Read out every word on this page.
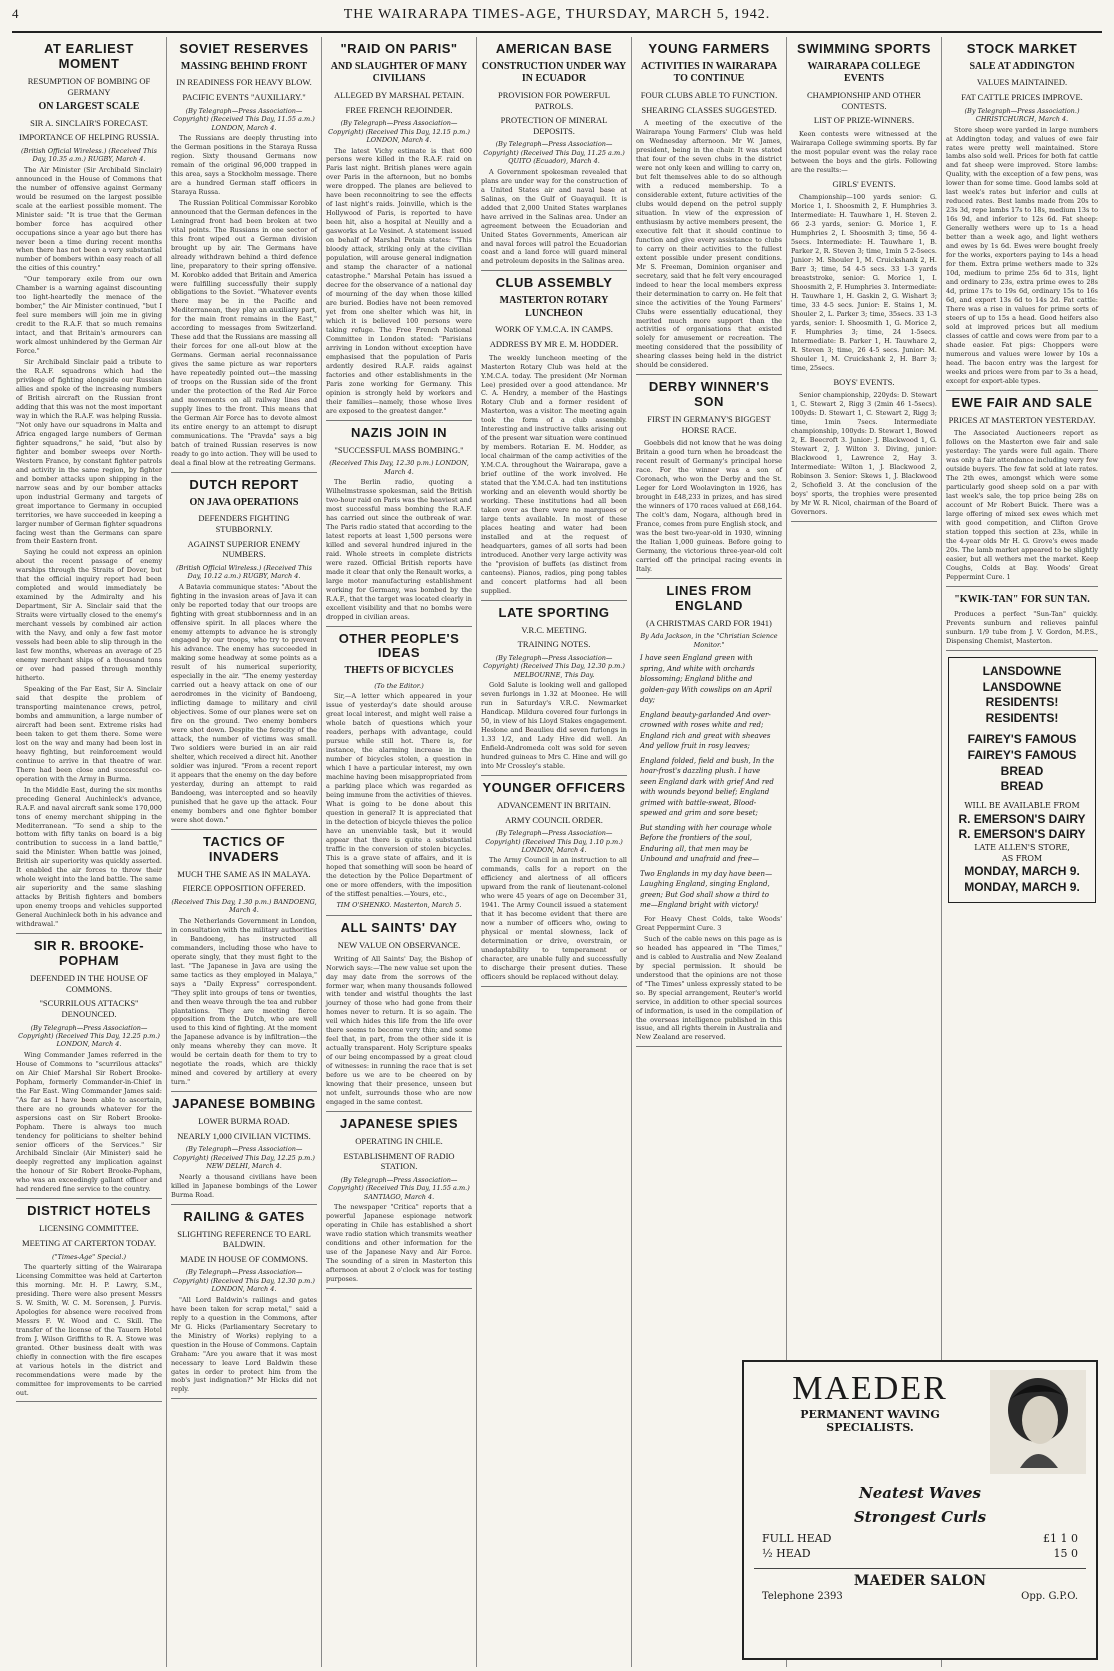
4	THE WAIRARAPA TIMES-AGE, THURSDAY, MARCH 5, 1942.
AT EARLIEST MOMENT
RESUMPTION OF BOMBING OF GERMANY
ON LARGEST SCALE
SIR A. SINCLAIR'S FORECAST.
IMPORTANCE OF HELPING RUSSIA.
(British Official Wireless.) (Received This Day, 10.35 a.m.) RUGBY, March 4.

The Air Minister (Sir Archibald Sinclair) announced in the House of Commons that the number of offensive against Germany would be resumed on the largest possible scale at the earliest possible moment. The Minister said: "It is true that the German bomber force has acquired other occupations since a year ago but there has never been a time during recent months when there has not been a very substantial number of bombers within easy reach of all the cities of this country."

"Our temporary exile from our own Chamber is a warning against discounting too light-heartedly the menace of the bomber," the Air Minister continued, "but I feel sure members will join me in giving credit to the R.A.F. that so much remains intact, and that Britain's armourers can work almost unhindered by the German Air Force."

Sir Archibald Sinclair paid a tribute to the R.A.F. squadrons which had the privilege of fighting alongside our Russian allies and spoke of the increasing numbers of British aircraft on the Russian front adding that this was not the most important way in which the R.A.F. was helping Russia. "Not only have our squadrons in Malta and Africa engaged large numbers of German fighter squadrons," he said, "but also by fighter and bomber sweeps over North-Western France, by constant fighter patrols and activity in the same region, by fighter and bomber attacks upon shipping in the narrow seas and by our bomber attacks upon industrial Germany and targets of great importance to Germany in occupied territories, we have succeeded in keeping a larger number of German fighter squadrons facing west than the Germans can spare from their Eastern front.

Saying he could not express an opinion about the recent passage of enemy warships through the Straits of Dover, but that the official inquiry report had been completed and would immediately be examined by the Admiralty and his Department, Sir A. Sinclair said that the Straits were virtually closed to the enemy's merchant vessels by combined air action with the Navy, and only a few fast motor vessels had been able to slip through in the last few months, whereas an average of 25 enemy merchant ships of a thousand tons or over had passed through monthly hitherto.

Speaking of the Far East, Sir A. Sinclair said that despite the problem of transporting maintenance crews, petrol, bombs and ammunition, a large number of aircraft had been sent. Extreme risks had been taken to get them there. Some were lost on the way and many had been lost in heavy fighting, but reinforcement would continue to arrive in that theatre of war. There had been close and successful co-operation with the Army in Burma.

In the Middle East, during the six months preceding General Auchinleck's advance, R.A.F. and naval aircraft sank some 170,000 tons of enemy merchant shipping in the Mediterranean. "To send a ship to the bottom with fifty tanks on board is a big contribution to success in a land battle," said the Minister. When battle was joined, British air superiority was quickly asserted. It enabled the air forces to throw their whole weight into the land battle. The same air superiority and the same slashing attacks by British fighters and bombers upon enemy troops and vehicles supported General Auchinleck both in his advance and withdrawal."

SIR R. BROOKE-POPHAM
DEFENDED IN THE HOUSE OF COMMONS.
"SCURRILOUS ATTACKS" DENOUNCED.
(By Telegraph—Press Association—Copyright) (Received This Day, 12.25 p.m.) LONDON, March 4.

Wing Commander James referred in the House of Commons to "scurrilous attacks" on Air Chief Marshal Sir Robert Brooke-Popham, formerly Commander-in-Chief in the Far East. Wing Commander James said: "As far as I have been able to ascertain, there are no grounds whatever for the aspersions cast on Sir Robert Brooke-Popham. There is always too much tendency for politicians to shelter behind senior officers of the Services." Sir Archibald Sinclair (Air Minister) said he deeply regretted any implication against the honour of Sir Robert Brooke-Popham, who was an exceedingly gallant officer and had rendered fine service to the country.

DISTRICT HOTELS
LICENSING COMMITTEE.
MEETING AT CARTERTON TODAY.
("Times-Age" Special.)

The quarterly sitting of the Wairarapa Licensing Committee was held at Carterton this morning. Mr. H. P. Lawry, S.M., presiding. There were also present Messrs S. W. Smith, W. C. M. Sorensen, J. Purvis. Apologies for absence were received from Messrs F. W. Wood and C. Skill. The transfer of the license of the Tauern Hotel from J. Wilson Griffiths to R. A. Stowe was granted. Other business dealt with was chiefly in connection with the fire escapes at various hotels in the district and recommendations were made by the committee for improvements to be carried out.

SOVIET RESERVES
MASSING BEHIND FRONT
IN READINESS FOR HEAVY BLOW.
PACIFIC EVENTS "AUXILIARY."
(By Telegraph—Press Association—Copyright) (Received This Day, 11.55 a.m.) LONDON, March 4.

The Russians are deeply thrusting into the German positions in the Staraya Russa region. Sixty thousand Germans now remain of the original 96,000 trapped in this area, says a Stockholm message. There are a hundred German staff officers in Staraya Russa.

The Russian Political Commissar Korobko announced that the German defences in the Leningrad front had been broken at two vital points. The Russians in one sector of this front wiped out a German division brought up by air. The Germans have already withdrawn behind a third defence line, preparatory to their spring offensive. M. Korobko added that Britain and America were fulfilling successfully their supply obligations to the Soviet. "Whatever events there may be in the Pacific and Mediterranean, they play an auxiliary part, for the main front remains in the East," according to messages from Switzerland. These add that the Russians are massing all their forces for one all-out blow at the Germans. German aerial reconnaissance gives the same picture as war reporters have repeatedly pointed out—the massing of troops on the Russian side of the front under the protection of the Red Air Force and movements on all railway lines and supply lines to the front. This means that the German Air Force has to devote almost its entire energy to an attempt to disrupt communications. The "Pravda" says a big batch of trained Russian reserves is now ready to go into action. They will be used to deal a final blow at the retreating Germans.

DUTCH REPORT
ON JAVA OPERATIONS
DEFENDERS FIGHTING STUBBORNLY.
AGAINST SUPERIOR ENEMY NUMBERS.
(British Official Wireless.) (Received This Day, 10.12 a.m.) RUGBY, March 4.

A Batavia communique states: "About the fighting in the invasion areas of Java it can only be reported today that our troops are fighting with great stubbornness and in an offensive spirit. In all places where the enemy attempts to advance he is strongly engaged by our troops, who try to prevent his advance. The enemy has succeeded in making some headway at some points as a result of his numerical superiority, especially in the air. "The enemy yesterday carried out a heavy attack on one of our aerodromes in the vicinity of Bandoeng, inflicting damage to military and civil objectives. Some of our planes were set on fire on the ground. Two enemy bombers were shot down. Despite the ferocity of the attack, the number of victims was small. Two soldiers were buried in an air raid shelter, which received a direct hit. Another soldier was injured. "From a recent report it appears that the enemy on the day before yesterday, during an attempt to raid Bandoeng, was intercepted and so heavily punished that he gave up the attack. Four enemy bombers and one fighter bomber were shot down."

TACTICS OF INVADERS
MUCH THE SAME AS IN MALAYA.
FIERCE OPPOSITION OFFERED.
(Received This Day, 1.30 p.m.) BANDOENG, March 4.

The Netherlands Government in London, in consultation with the military authorities in Bandoeng, has instructed all commanders, including those who have to operate singly, that they must fight to the last. "The Japanese in Java are using the same tactics as they employed in Malaya," says a "Daily Express" correspondent. "They split into groups of tens or twenties, and then weave through the tea and rubber plantations. They are meeting fierce opposition from the Dutch, who are well used to this kind of fighting. At the moment the Japanese advance is by infiltration—the only means whereby they can move. It would be certain death for them to try to negotiate the roads, which are thickly mined and covered by artillery at every turn."

JAPANESE BOMBING
LOWER BURMA ROAD.
NEARLY 1,000 CIVILIAN VICTIMS.
(By Telegraph—Press Association—Copyright) (Received This Day, 12.25 p.m.) NEW DELHI, March 4.

Nearly a thousand civilians have been killed in Japanese bombings of the Lower Burma Road.

RAILING & GATES
SLIGHTING REFERENCE TO EARL BALDWIN.
MADE IN HOUSE OF COMMONS.
(By Telegraph—Press Association—Copyright) (Received This Day, 12.30 p.m.) LONDON, March 4.

"All Lord Baldwin's railings and gates have been taken for scrap metal," said a reply to a question in the Commons, after Mr G. Hicks (Parliamentary Secretary to the Ministry of Works) replying to a question in the House of Commons. Captain Graham: "Are you aware that it was most necessary to leave Lord Baldwin these gates in order to protect him from the mob's just indignation?" Mr Hicks did not reply.

"RAID ON PARIS"
AND SLAUGHTER OF MANY CIVILIANS
ALLEGED BY MARSHAL PETAIN.
FREE FRENCH REJOINDER.
(By Telegraph—Press Association—Copyright) (Received This Day, 12.15 p.m.) LONDON, March 4.

The latest Vichy estimate is that 600 persons were killed in the R.A.F. raid on Paris last night. British planes were again over Paris in the afternoon, but no bombs were dropped. The planes are believed to have been reconnoitring to see the effects of last night's raids. Joinville, which is the Hollywood of Paris, is reported to have been hit, also a hospital at Neuilly and a gasworks at Le Vesinet. A statement issued on behalf of Marshal Petain states: "This bloody attack, striking only at the civilian population, will arouse general indignation and stamp the character of a national catastrophe." Marshal Petain has issued a decree for the observance of a national day of mourning of the day when those killed are buried. Bodies have not been removed yet from one shelter which was hit, in which it is believed 100 persons were taking refuge. The Free French National Committee in London stated: "Parisians arriving in London without exception have emphasised that the population of Paris ardently desired R.A.F. raids against factories and other establishments in the Paris zone working for Germany. This opinion is strongly held by workers and their families—namely, those whose lives are exposed to the greatest danger."

NAZIS JOIN IN
"SUCCESSFUL MASS BOMBING."
(Received This Day, 12.30 p.m.) LONDON, March 4.

The Berlin radio, quoting a Wilhelmstrasse spokesman, said the British two-hour raid on Paris was the heaviest and most successful mass bombing the R.A.F. has carried out since the outbreak of war. The Paris radio stated that according to the latest reports at least 1,500 persons were killed and several hundred injured in the raid. Whole streets in complete districts were razed. Official British reports have made it clear that only the Renault works, a large motor manufacturing establishment working for Germany, was bombed by the R.A.F., that the target was located clearly in excellent visibility and that no bombs were dropped in civilian areas.

OTHER PEOPLE'S IDEAS
THEFTS OF BICYCLES
(To the Editor.)

Sir,—A letter which appeared in your issue of yesterday's date should arouse great local interest, and might well raise a whole batch of questions which your readers, perhaps with advantage, could pursue while still hot. There is, for instance, the alarming increase in the number of bicycles stolen, a question in which I have a particular interest, my own machine having been misappropriated from a parking place which was regarded as being immune from the activities of thieves. What is going to be done about this question in general? It is appreciated that in the detection of bicycle thieves the police have an unenviable task, but it would appear that there is quite a substantial traffic in the conversion of stolen bicycles. This is a grave state of affairs, and it is hoped that something will soon be heard of the detection by the Police Department of one or more offenders, with the imposition of the stiffest penalties.—Yours, etc.,

TIM O'SHENKO. Masterton, March 5.
ALL SAINTS' DAY
NEW VALUE ON OBSERVANCE.

Writing of All Saints' Day, the Bishop of Norwich says:—The new value set upon the day may date from the sorrows of the former war, when many thousands followed with tender and wistful thoughts the last journey of those who had gone from their homes never to return. It is so again. The veil which hides this life from the life over there seems to become very thin; and some feel that, in part, from the other side it is actually transparent. Holy Scripture speaks of our being encompassed by a great cloud of witnesses: in running the race that is set before us we are to be cheered on by knowing that their presence, unseen but not unfelt, surrounds those who are now engaged in the same contest.

JAPANESE SPIES
OPERATING IN CHILE.
ESTABLISHMENT OF RADIO STATION.
(By Telegraph—Press Association—Copyright) (Received This Day, 11.55 a.m.) SANTIAGO, March 4.

The newspaper "Critica" reports that a powerful Japanese espionage network operating in Chile has established a short wave radio station which transmits weather conditions and other information for the use of the Japanese Navy and Air Force. The sounding of a siren in Masterton this afternoon at about 2 o'clock was for testing purposes.

AMERICAN BASE
CONSTRUCTION UNDER WAY IN ECUADOR
PROVISION FOR POWERFUL PATROLS.
PROTECTION OF MINERAL DEPOSITS.
(By Telegraph—Press Association—Copyright) (Received This Day, 11.25 a.m.) QUITO (Ecuador), March 4.

A Government spokesman revealed that plans are under way for the construction of a United States air and naval base at Salinas, on the Gulf of Guayaquil. It is added that 2,000 United States warplanes have arrived in the Salinas area. Under an agreement between the Ecuadorian and United States Governments, American air and naval forces will patrol the Ecuadorian coast and a land force will guard mineral and petroleum deposits in the Salinas area.

CLUB ASSEMBLY
MASTERTON ROTARY LUNCHEON
WORK OF Y.M.C.A. IN CAMPS.
ADDRESS BY MR E. M. HODDER.

The weekly luncheon meeting of the Masterton Rotary Club was held at the Y.M.C.A. today. The president (Mr Norman Lee) presided over a good attendance. Mr C. A. Hendry, a member of the Hastings Rotary Club and a former resident of Masterton, was a visitor. The meeting again took the form of a club assembly. Interesting and instructive talks arising out of the present war situation were continued by members. Rotarian E. M. Hodder, as local chairman of the camp activities of the Y.M.C.A. throughout the Wairarapa, gave a brief outline of the work involved. He stated that the Y.M.C.A. had ten institutions working and an eleventh would shortly be working. These institutions had all been taken over as there were no marquees or large tents available. In most of these places heating and water had been installed and at the request of headquarters, games of all sorts had been introduced. Another very large activity was the "provision of buffets (as distinct from canteens). Pianos, radios, ping pong tables and concert platforms had all been supplied.

LATE SPORTING
V.R.C. MEETING.
TRAINING NOTES.
(By Telegraph—Press Association—Copyright) (Received This Day, 12.30 p.m.) MELBOURNE, This Day.

Gold Salute is looking well and galloped seven furlongs in 1.32 at Moonee. He will run in Saturday's V.R.C. Newmarket Handicap. Mildura covered four furlongs in 50, in view of his Lloyd Stakes engagement. Heslone and Beaulieu did seven furlongs in 1.33 1/2, and Lady Hive did well. An Enfield-Andromeda colt was sold for seven hundred guineas to Mrs C. Hine and will go into Mr Crossley's stable.

YOUNGER OFFICERS
ADVANCEMENT IN BRITAIN.
ARMY COUNCIL ORDER.
(By Telegraph—Press Association—Copyright) (Received This Day, 1.10 p.m.) LONDON, March 4.

The Army Council in an instruction to all commands, calls for a report on the efficiency and alertness of all officers upward from the rank of lieutenant-colonel who were 45 years of age on December 31, 1941. The Army Council issued a statement that it has become evident that there are now a number of officers who, owing to physical or mental slowness, lack of determination or drive, overstrain, or unadaptability to temperament or character, are unable fully and successfully to discharge their present duties. These officers should be replaced without delay.

YOUNG FARMERS
ACTIVITIES IN WAIRARAPA TO CONTINUE
FOUR CLUBS ABLE TO FUNCTION.
SHEARING CLASSES SUGGESTED.

A meeting of the executive of the Wairarapa Young Farmers' Club was held on Wednesday afternoon. Mr W. James, president, being in the chair. It was stated that four of the seven clubs in the district were not only keen and willing to carry on, but felt themselves able to do so although with a reduced membership. To a considerable extent, future activities of the clubs would depend on the petrol supply situation. In view of the expression of enthusiasm by active members present, the executive felt that it should continue to function and give every assistance to clubs to carry on their activities to the fullest extent possible under present conditions. Mr S. Freeman, Dominion organiser and secretary, said that he felt very encouraged indeed to hear the local members express their determination to carry on. He felt that since the activities of the Young Farmers' Clubs were essentially educational, they merited much more support than the activities of organisations that existed solely for amusement or recreation. The meeting considered that the possibility of shearing classes being held in the district should be considered.

DERBY WINNER'S SON
FIRST IN GERMANY'S BIGGEST HORSE RACE.

Goebbels did not know that he was doing Britain a good turn when he broadcast the recent result of Germany's principal horse race. For the winner was a son of Coronach, who won the Derby and the St. Leger for Lord Woolavington in 1926, has brought in £48,233 in prizes, and has sired the winners of 170 races valued at £68,164. The colt's dam, Nogara, although bred in France, comes from pure English stock, and was the best two-year-old in 1930, winning the Italian 1,000 guineas. Before going to Germany, the victorious three-year-old colt carried off the principal racing events in Italy.

LINES FROM ENGLAND
(A CHRISTMAS CARD FOR 1941)
By Ada Jackson, in the "Christian Science Monitor."

I have seen England green with spring, And white with orchards blossoming; England blithe and golden-gay With cowslips on an April day;

England beauty-garlanded And over-crowned with roses white and red; England rich and great with sheaves And yellow fruit in rosy leaves;

England folded, field and bush, In the hoar-frost's dazzling plush. I have seen England dark with grief And red with wounds beyond belief; England grimed with battle-sweat, Blood-spewed and grim and sore beset;

But standing with her courage whole Before the frontiers of the soul, Enduring all, that men may be Unbound and unafraid and free—

Two Englands in my day have been—Laughing England, singing England, green; But God shall show a third to me—England bright with victory!

For Heavy Chest Colds, take Woods' Great Peppermint Cure. 3

Such of the cable news on this page as is so headed has appeared in "The Times," and is cabled to Australia and New Zealand by special permission. It should be understood that the opinions are not those of "The Times" unless expressly stated to be so. By special arrangement, Reuter's world service, in addition to other special sources of information, is used in the compilation of the overseas intelligence published in this issue, and all rights therein in Australia and New Zealand are reserved.

SWIMMING SPORTS
WAIRARAPA COLLEGE EVENTS
CHAMPIONSHIP AND OTHER CONTESTS.
LIST OF PRIZE-WINNERS.

Keen contests were witnessed at the Wairarapa College swimming sports. By far the most popular event was the relay race between the boys and the girls. Following are the results:—

GIRLS' EVENTS.

Championship—100 yards senior: G. Morice 1, I. Shoosmith 2, F. Humphries 3. Intermediate: H. Tauwhare 1, H. Steven 2. 66 2-3 yards, senior: G. Morice 1, F. Humphries 2, I. Shoosmith 3; time, 56 4-5secs. Intermediate: H. Tauwhare 1, B. Parker 2, R. Steven 3; time, 1min 5 2-5secs. Junior: M. Shouler 1, M. Cruickshank 2, H. Barr 3; time, 54 4-5 secs. 33 1-3 yards breaststroke, senior: G. Morice 1, I. Shoosmith 2, F. Humphries 3. Intermediate: H. Tauwhare 1, H. Gaskin 2, G. Wishart 3; time, 33 4-5 secs. Junior: E. Stains 1, M. Shouler 2, L. Parker 3; time, 35secs. 33 1-3 yards, senior: I. Shoosmith 1, G. Morice 2, F. Humphries 3; time, 24 1-5secs. Intermediate: B. Parker 1, H. Tauwhare 2, R. Steven 3; time, 26 4-5 secs. Junior: M. Shouler 1, M. Cruickshank 2, H. Barr 3; time, 25secs.

BOYS' EVENTS.

Senior championship, 220yds: D. Stewart 1, C. Stewart 2, Rigg 3 (2min 46 1-5secs). 100yds: D. Stewart 1, C. Stewart 2, Rigg 3; time, 1min 7secs. Intermediate championship, 100yds: D. Stewart 1, Bowed 2, E. Beecroft 3. Junior: J. Blackwood 1, G. Stewart 2, J. Wilton 3. Diving, junior: Blackwood 1, Lawrence 2, Hay 3. Intermediate: Wilton 1, J. Blackwood 2, Robinson 3. Senior: Skews 1, J. Blackwood 2, Schofield 3. At the conclusion of the boys' sports, the trophies were presented by Mr W. R. Nicol, chairman of the Board of Governors.

STOCK MARKET
SALE AT ADDINGTON
VALUES MAINTAINED.
FAT CATTLE PRICES IMPROVE.
(By Telegraph—Press Association.) CHRISTCHURCH, March 4.

Store sheep were yarded in large numbers at Addington today, and values of ewe fair rates were pretty well maintained. Store lambs also sold well. Prices for both fat cattle and fat sheep were improved. Store lambs: Quality, with the exception of a few pens, was lower than for some time. Good lambs sold at last week's rates but inferior and culls at reduced rates. Best lambs made from 20s to 23s 3d, repe lambs 17s to 18s, medium 13s to 16s 9d, and inferior to 12s 6d. Fat sheep: Generally wethers were up to 1s a head better than a week ago, and light wethers and ewes by 1s 6d. Ewes were bought freely for the works, exporters paying to 14s a head for them. Extra prime wethers made to 32s 10d, medium to prime 25s 6d to 31s, light and ordinary to 23s, extra prime ewes to 28s 4d, prime 17s to 19s 6d, ordinary 15s to 16s 6d, and export 13s 6d to 14s 2d. Fat cattle: There was a rise in values for prime sorts of steers of up to 15s a head. Good heifers also sold at improved prices but all medium classes of cattle and cows were from par to a shade easier. Fat pigs: Choppers were numerous and values were lower by 10s a head. The bacon entry was the largest for weeks and prices were from par to 3s a head, except for export-able types.

EWE FAIR AND SALE
PRICES AT MASTERTON YESTERDAY.

The Associated Auctioneers report as follows on the Masterton ewe fair and sale yesterday: The yards were full again. There was only a fair attendance including very few outside buyers. The few fat sold at late rates. The 2th ewes, amongst which were some particularly good sheep sold on a par with last week's sale, the top price being 28s on account of Mr Robert Buick. There was a large offering of mixed sex ewes which met with good competition, and Clifton Grove station topped this section at 23s, while in the 4-year olds Mr H. G. Grove's ewes made 20s. The lamb market appeared to be slightly easier, but all wethers met the market. Keep Coughs, Colds at Bay. Woods' Great Peppermint Cure. 1

"KWIK-TAN" FOR SUN TAN.

Produces a perfect "Sun-Tan" quickly. Prevents sunburn and relieves painful sunburn. 1/9 tube from J. V. Gordon, M.P.S., Dispensing Chemist, Masterton.

LANSDOWNE
LANSDOWNE
RESIDENTS!
RESIDENTS!
FAIREY'S FAMOUS
FAIREY'S FAMOUS
BREAD
BREAD
WILL BE AVAILABLE FROM
R. EMERSON'S DAIRY
R. EMERSON'S DAIRY
LATE ALLEN'S STORE,
AS FROM
MONDAY, MARCH 9.
MONDAY, MARCH 9.
MAEDER
PERMANENT WAVING
SPECIALISTS.
Neatest Waves
Strongest Curls
FULL HEAD	£1 1 0
½ HEAD	15 0
MAEDER SALON
Telephone 2393	Opp. G.P.O.
